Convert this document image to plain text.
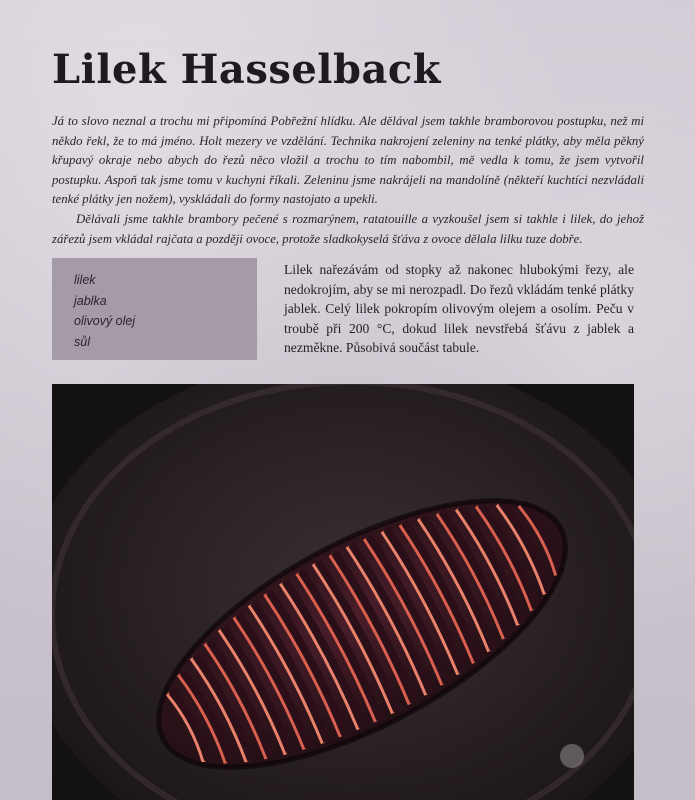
Lilek Hasselback

Já to slovo neznal a trochu mi připomíná Pobřežní hlídku. Ale dělával jsem takhle bramborovou postupku, než mi někdo řekl, že to má jméno. Holt mezery ve vzdělání. Technika nakrojení zeleniny na tenké plátky, aby měla pěkný křupavý okraje nebo abych do řezů něco vložil a trochu to tím nabombil, mě vedla k tomu, že jsem vytvořil postupku. Aspoň tak jsme tomu v kuchyni říkali. Zeleninu jsme nakrájeli na mandolíně (někteří kuchtíci nezvládali tenké plátky jen nožem), vyskládali do formy nastojato a upekli.

Dělávali jsme takhle brambory pečené s rozmarýnem, ratatouille a vyzkoušel jsem si takhle i lilek, do jehož zářezů jsem vkládal rajčata a později ovoce, protože sladkokyselá šťáva z ovoce dělala lilku tuze dobře.

lilek
jablka
olivový olej
sůl

Lilek nařezávám od stopky až nakonec hlubokými řezy, ale nedokrojím, aby se mi nerozpadl. Do řezů vkládám tenké plátky jablek. Celý lilek pokropím olivovým olejem a osolím. Peču v troubě při 200 °C, dokud lilek nevstřebá šťávu z jablek a nezměkne. Působivá součást tabule.
